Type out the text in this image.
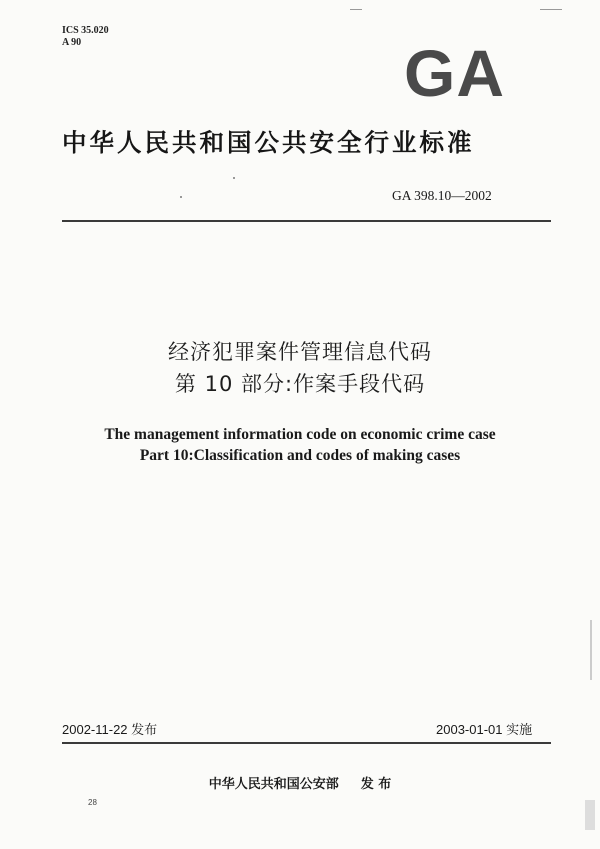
ICS 35.020
A 90	GA
中华人民共和国公共安全行业标准
GA 398.10—2002
经济犯罪案件管理信息代码
第 10 部分:作案手段代码
The management information code on economic crime case
Part 10:Classification and codes of making cases
2002-11-22 发布	2003-01-01 实施
中华人民共和国公安部 发 布
28
